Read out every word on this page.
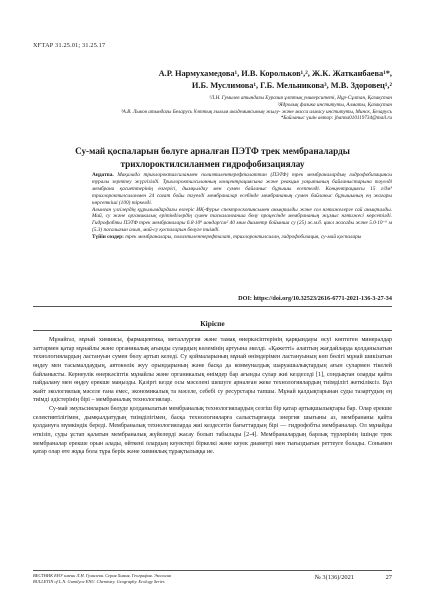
ХҒТАР 31.25.01; 31.25.17
А.Р. Нармухамедова¹, И.В. Корольков¹,², Ж.К. Жатканбаева¹*,
И.Б. Муслимова¹, Г.Б. Мельникова³, М.В. Здоровец¹,²
¹Л.Н. Гумилев атындағы Еуразия ұлттық университеті, Нұр-Сұлтан, Қазақстан
²Ядролық физика институты, Алматы, Қазақстан
³А.В. Лыков атындағы Беларусь Ұлттық ғылым академиясының жылу- және масса алмасу институты, Минск, Беларусь
*Байланыс үшін автор: jhanna010119734@mail.ru
Су-май қоспаларын бөлуге арналған ПЭТФ трек мембраналарды
трихлороктилсиланмен гидрофобизациялау

Аңдатпа. Мақалада трихлороктилсиланмен полиэтилентерефталаттан (ПЭТФ) трек мембраналардың гидрофобизациясы туралы зерттеу жүргізілді. Трихлороктилсиланның концентрациясына және реакция уақытының байланыстарына тәуелді мембрана қасиеттерінің өзгерісі, дымқылдау мен сумен байланыс бұрышы есептелді. Концентрациясы 15 г/дм³ трихлороктилсиланмен 24 сағат бойы тәуелді мембраналар есебінде мембрананың сумен байланыс бұрышының ең жоғары көрсеткіші (100) тіркелді.

Алынған үлгілердің құрылымдардағы өзгеріс ИҚ-Фурье спектроскопиясымен анықталды және сол нәтижелерге сай анықталды. Май, су және органикалық ерітінділердің сумен таскаланғанша бөлу процесінде мембрананың жұмыс нәтижесі көрсетілді. Гидрофобты ПЭТФ трек мембраналары 6.8·10⁸ иондар/см² 40 мкм диаметр бойынша су (25) ж.м.б. цикл жасады және 5.0·10⁻⁶ м (5.3) пасалығын алып, май-су қоспаларын бөлуге тиімді.

Түйін сөздер: трек мембраналары, полиэтилентерефталат, трихлороктилсилан, гидрофобизация, су-май қоспалары

DOI: https://doi.org/10.32523/2616-6771-2021-136-3-27-34
Кіріспе

Мұнайгаз, мұнай химиясы, фармацевтика, металлургия және тамақ өнеркәсіптерінің қарқындауы өсуі көптеген минералдар заттармен қатар мұнайлы және органикалық ағынды сулардың көлемінің артуына әкелді. «Қажетті» алаптың жағдайларда қолданылатын технологиялардың ластануын сумен бөлу артып келеді. Су қоймаларының мұнай өнімдерімен ластануының көп бөлігі мұнай шикізатын өңдеу мен тасымалдаудың, автокөлік жуу орындарының және басқа да коммуналдық шаруашылықтардың ағын сулармен тікелей байланысты. Кернеулік өнеркәсіптік мұнайлы және органикалық өнімдер бар ағынды сулар жиі кездеседі [1], сондықтан оларды қайта пайдалану мен өңдеу ерекше маңызды. Қазіргі кезде осы мәселені шешуге арналған жеке технологиялардың тиімділігі жеткіліксіз. Бұл жайт экологиялық мәселе ғана емес, экономикалық та мәселе, себебі су ресурстары тапшы. Мұнай қалдықтарынан суды тазартудың ең тиімді әдістерінің бірі – мембраналық технологиялар.

Су-май эмульсияларын бөлуде қолданылатын мембраналық технологиялардың сезгіш бір қатар артықшылықтары бар. Олар ерекше селективтілігімен, дымқылдатудың тиімділігімен, басқа технологияларға салыстырғанда энергия шығыны аз, мембрананы қайта қолдануға мүмкіндік береді. Мембраналық технологияларда жиі кездесетін бағыттардың бірі — гидрофобты мембраналар. Ол мұнайды өткізіп, суды ұстап қалатын мембраналық жүйелерді жасау болып табылады [2-4]. Мембраналардың барлық түрлерінің ішінде трек мембраналар ерекше орын алады, өйткені олардың кеуектері біркелкі және кеуек диаметрі мен тығыздығын реттеуге болады. Сонымен қатар олар өте жұқа бола тұра берік және химиялық тұрақтылыққа ие.

ВЕСТНИК ЕНУ имени Л.Н. Гумилева. Серия Химия. География. Экология
BULLETIN of L.N. Gumilyov ENU. Chemistry. Geography. Ecology Series
№ 3(136)/2021	27
